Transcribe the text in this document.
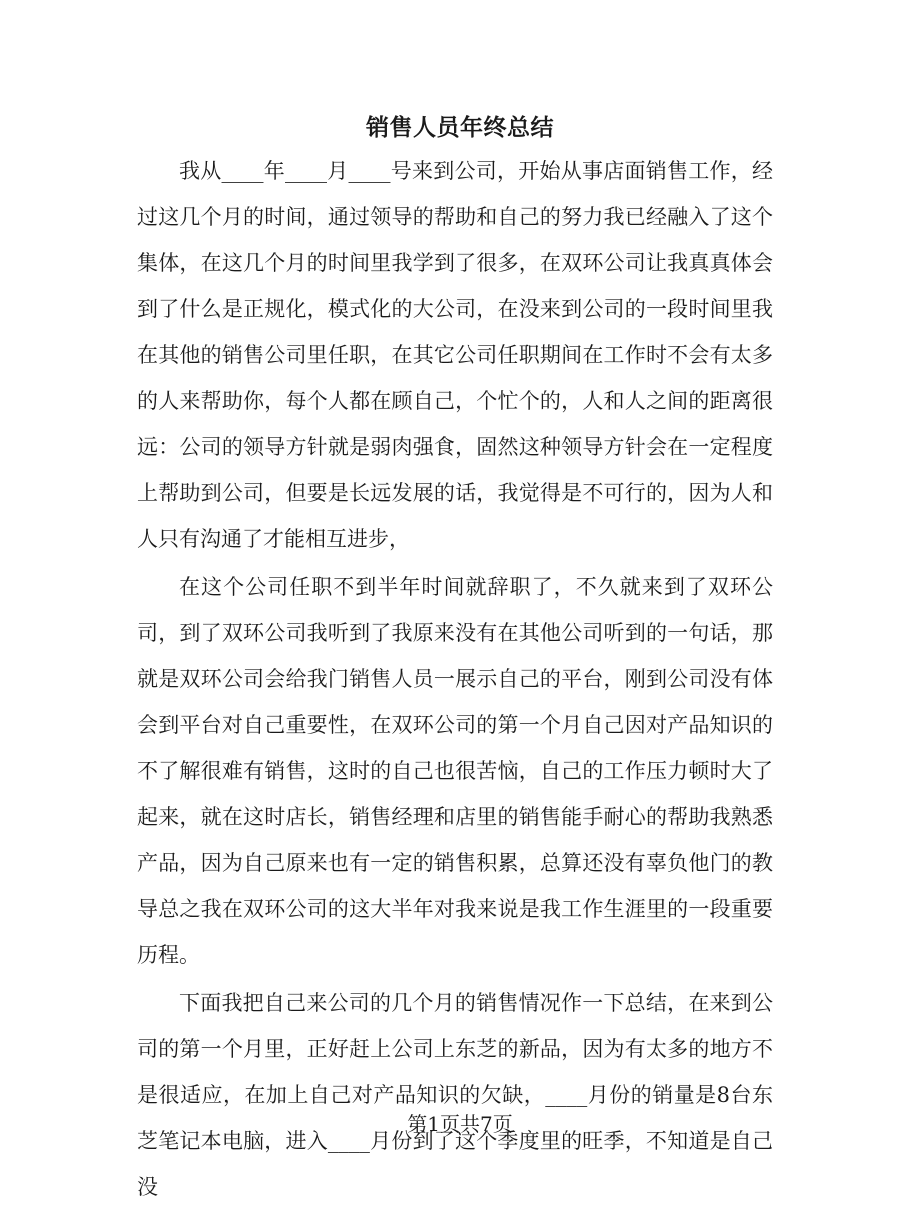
销售人员年终总结

我从____年____月____号来到公司，开始从事店面销售工作，经过这几个月的时间，通过领导的帮助和自己的努力我已经融入了这个集体，在这几个月的时间里我学到了很多，在双环公司让我真真体会到了什么是正规化，模式化的大公司，在没来到公司的一段时间里我在其他的销售公司里任职，在其它公司任职期间在工作时不会有太多的人来帮助你，每个人都在顾自己，个忙个的，人和人之间的距离很远：公司的领导方针就是弱肉强食，固然这种领导方针会在一定程度上帮助到公司，但要是长远发展的话，我觉得是不可行的，因为人和人只有沟通了才能相互进步，

在这个公司任职不到半年时间就辞职了，不久就来到了双环公司，到了双环公司我听到了我原来没有在其他公司听到的一句话，那就是双环公司会给我门销售人员一展示自己的平台，刚到公司没有体会到平台对自己重要性，在双环公司的第一个月自己因对产品知识的不了解很难有销售，这时的自己也很苦恼，自己的工作压力顿时大了起来，就在这时店长，销售经理和店里的销售能手耐心的帮助我熟悉产品，因为自己原来也有一定的销售积累，总算还没有辜负他门的教导总之我在双环公司的这大半年对我来说是我工作生涯里的一段重要历程。

下面我把自己来公司的几个月的销售情况作一下总结，在来到公司的第一个月里，正好赶上公司上东芝的新品，因为有太多的地方不是很适应，在加上自己对产品知识的欠缺，____月份的销量是8台东芝笔记本电脑，进入____月份到了这个季度里的旺季，不知道是自己没

第1页共7页
